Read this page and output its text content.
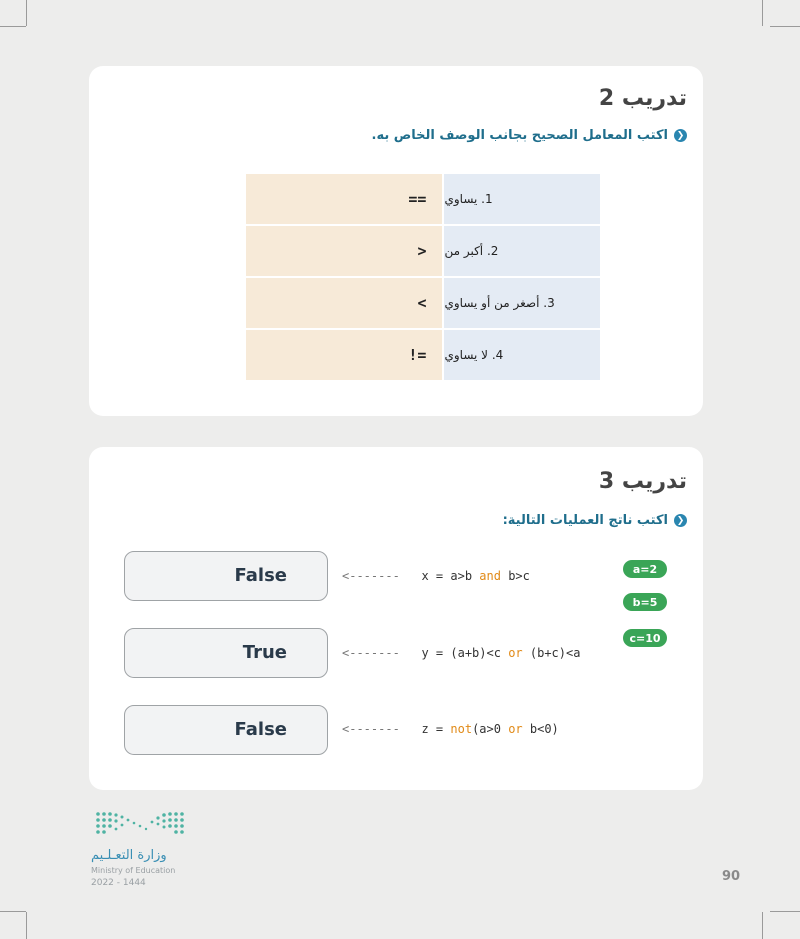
تدريب 2
❮
اكتب المعامل الصحيح بجانب الوصف الخاص به.
==	1. يساوي
>	2. أكبر من
<	3. أصغر من أو يساوي
!=	4. لا يساوي
تدريب 3
❮
اكتب ناتج العمليات التالية:
False
True
False
<------- x = a>b and b>c
<------- y = (a+b)<c or (b+c)<a
<------- z = not(a>0 or b<0)
a=2
b=5
c=10
وزارة التعـلـيم
Ministry of Education
2022 - 1444	90
